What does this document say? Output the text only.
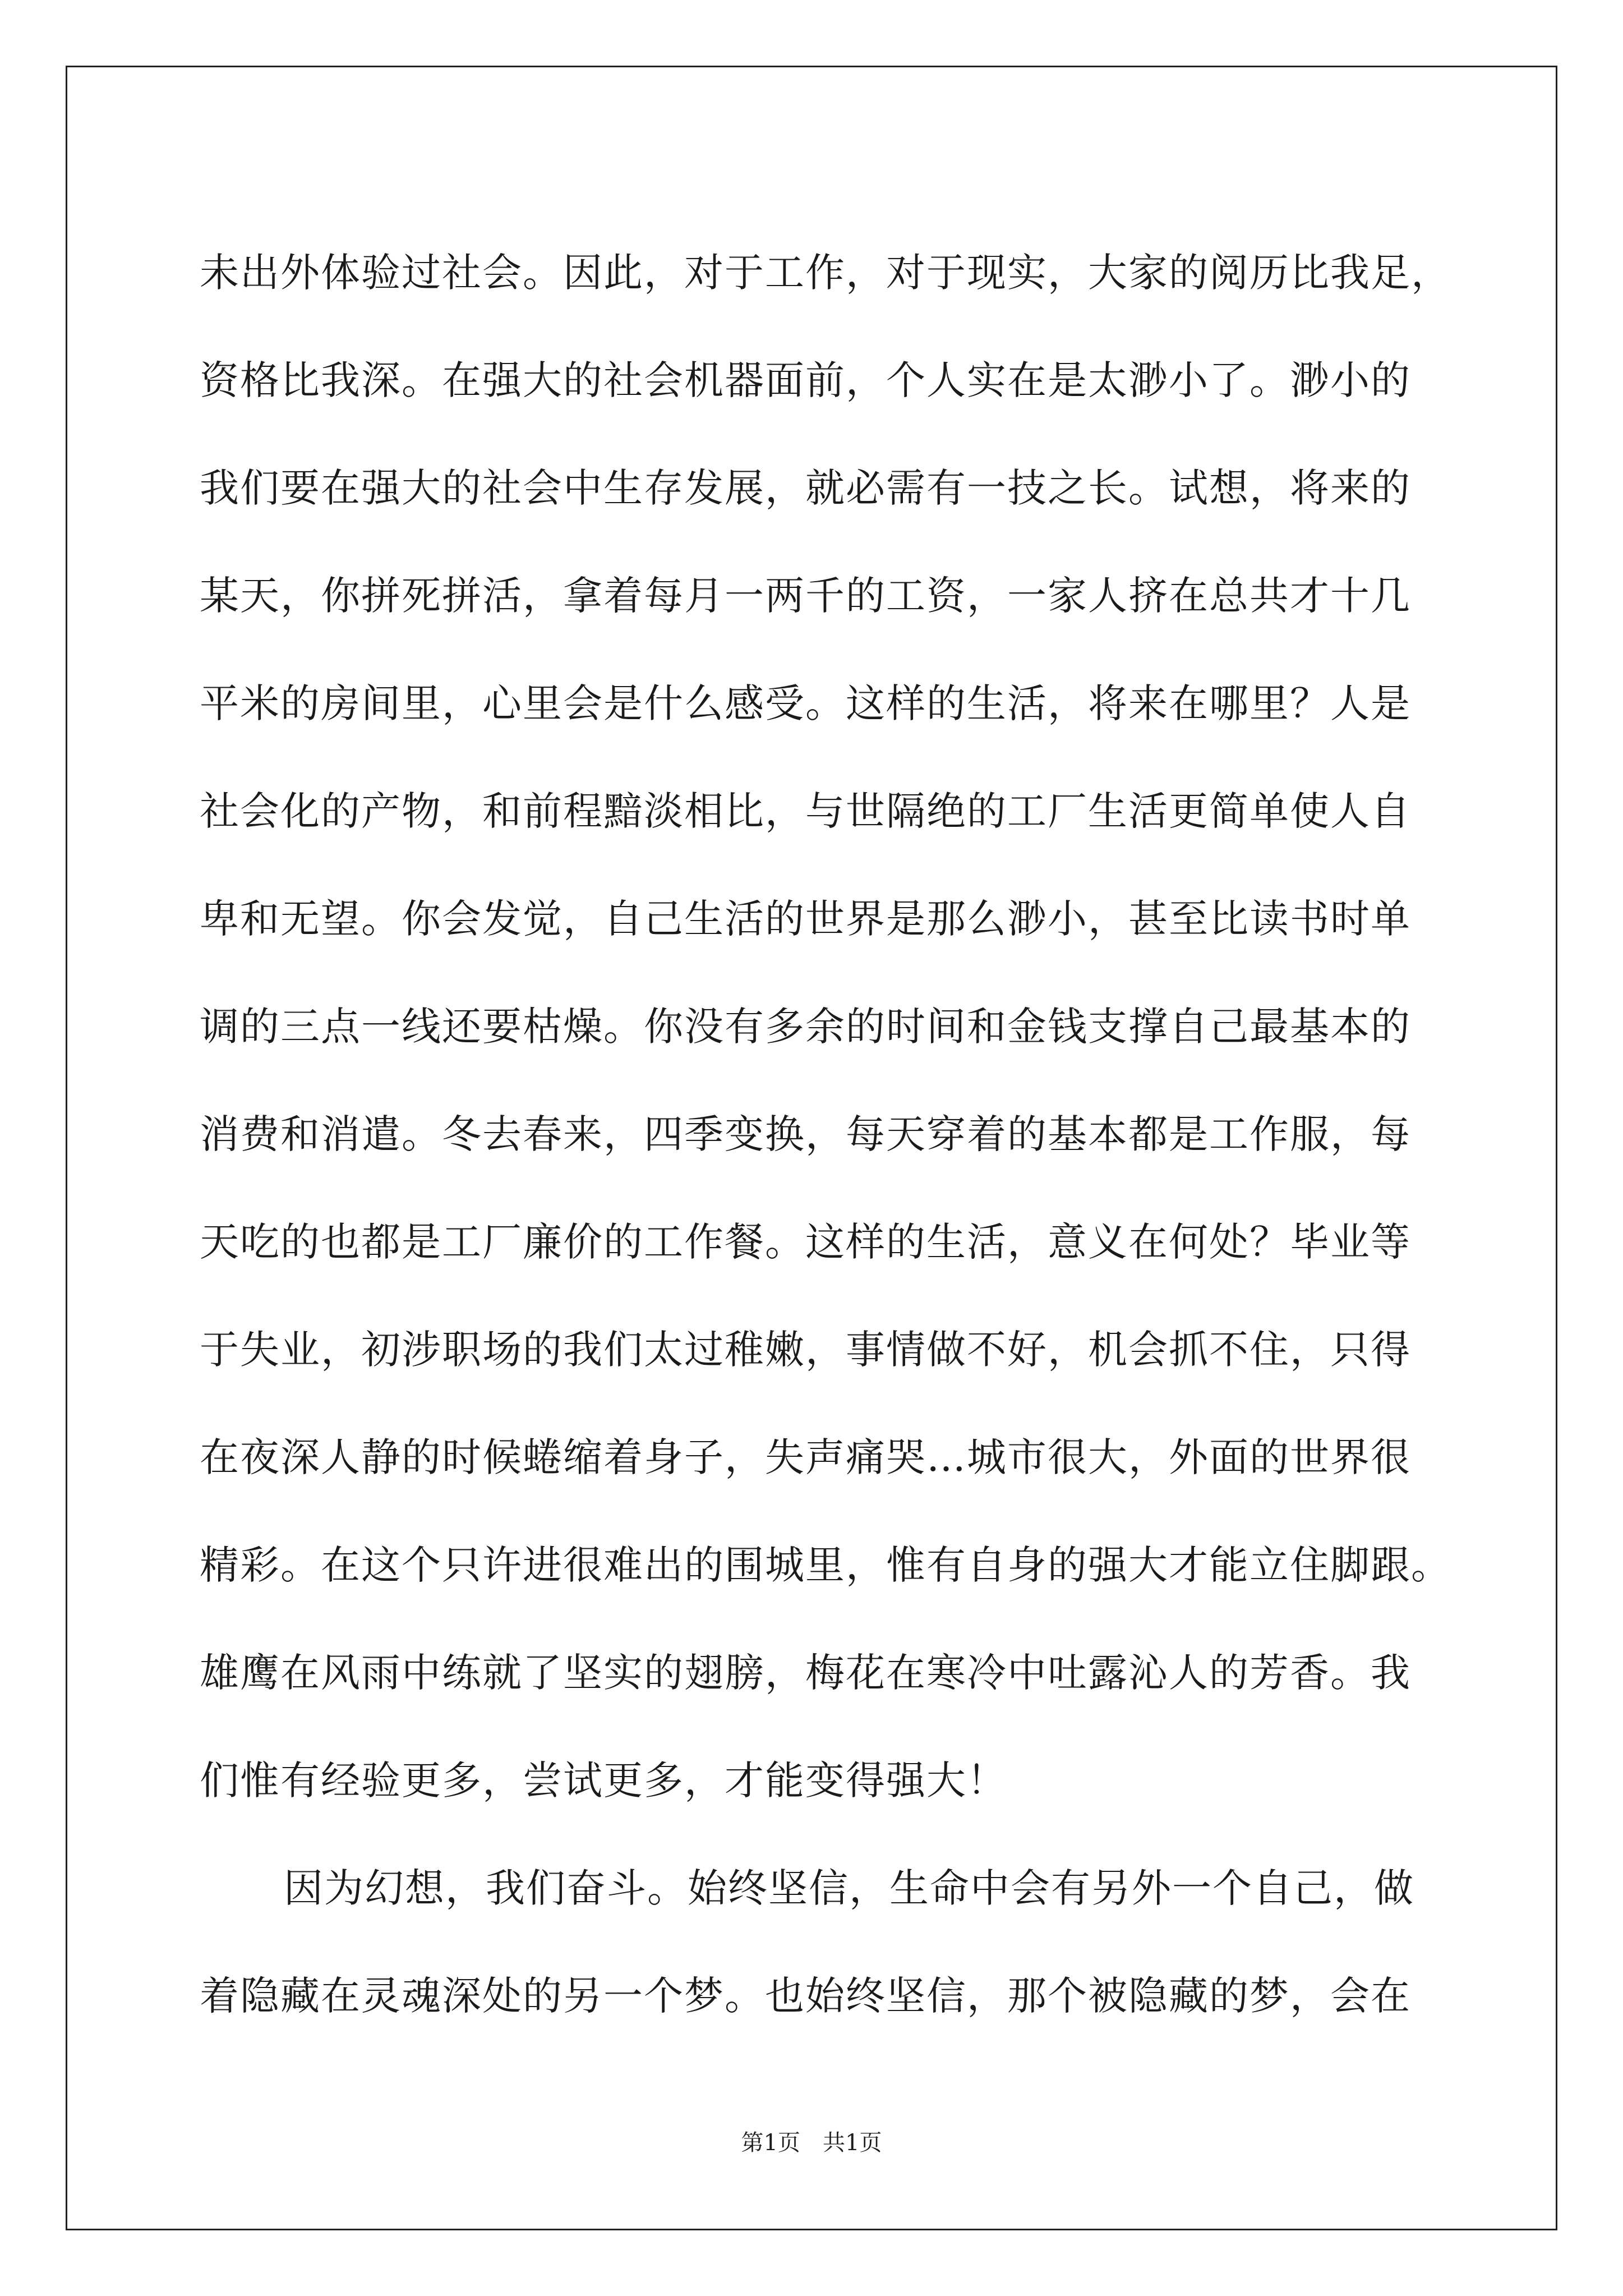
未出外体验过社会。因此，对于工作，对于现实，大家的阅历比我足，
资格比我深。在强大的社会机器面前，个人实在是太渺小了。渺小的
我们要在强大的社会中生存发展，就必需有一技之长。试想，将来的
某天，你拼死拼活，拿着每月一两千的工资，一家人挤在总共才十几
平米的房间里，心里会是什么感受。这样的生活，将来在哪里？人是
社会化的产物，和前程黯淡相比，与世隔绝的工厂生活更简单使人自
卑和无望。你会发觉，自己生活的世界是那么渺小，甚至比读书时单
调的三点一线还要枯燥。你没有多余的时间和金钱支撑自己最基本的
消费和消遣。冬去春来，四季变换，每天穿着的基本都是工作服，每
天吃的也都是工厂廉价的工作餐。这样的生活，意义在何处？毕业等
于失业，初涉职场的我们太过稚嫩，事情做不好，机会抓不住，只得
在夜深人静的时候蜷缩着身子，失声痛哭…城市很大，外面的世界很
精彩。在这个只许进很难出的围城里，惟有自身的强大才能立住脚跟。
雄鹰在风雨中练就了坚实的翅膀，梅花在寒冷中吐露沁人的芳香。我
们惟有经验更多，尝试更多，才能变得强大！
因为幻想，我们奋斗。始终坚信，生命中会有另外一个自己，做
着隐藏在灵魂深处的另一个梦。也始终坚信，那个被隐藏的梦，会在
第1页　共1页
